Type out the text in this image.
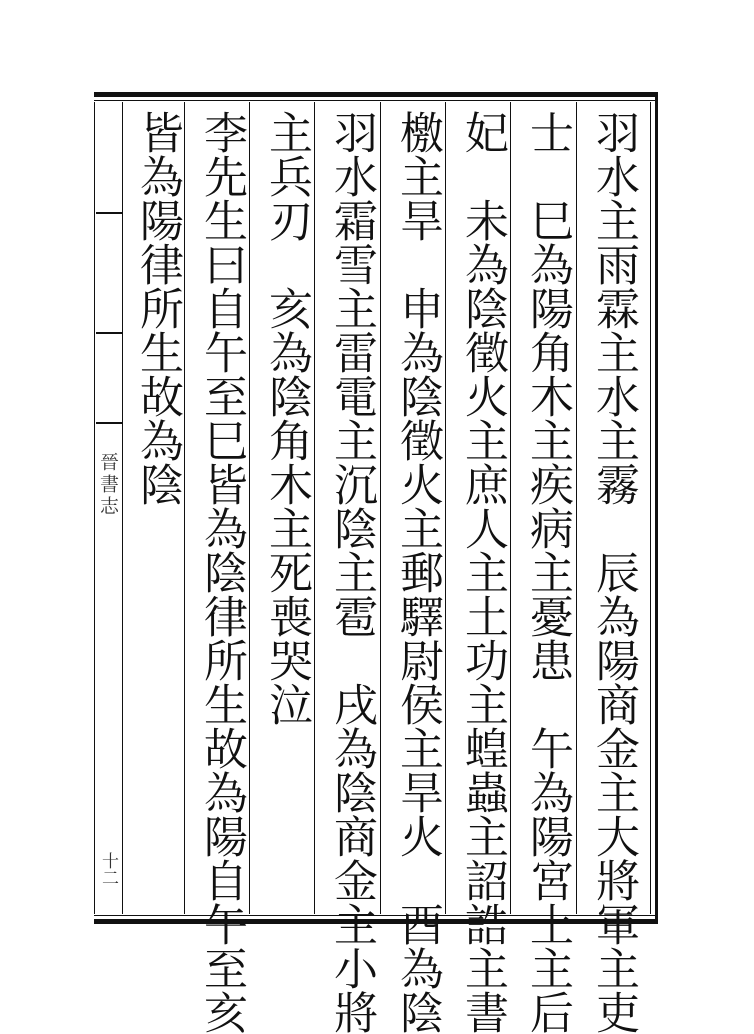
晉書志
十二	羽水主雨霖主水主霧　辰為陽商金主大將軍主吏
士　巳為陽角木主疾病主憂患　午為陽宮土主后
妃　未為陰徵火主庶人主土功主蝗蟲主詔誥主書
檄主旱　申為陰徵火主郵驛尉侯主旱火　酉為陰
羽水霜雪主雷電主沉陰主雹　戌為陰商金主小將
主兵刃　亥為陰角木主死喪哭泣
李先生曰自午至巳皆為陰律所生故為陽自午至亥
皆為陽律所生故為陰
